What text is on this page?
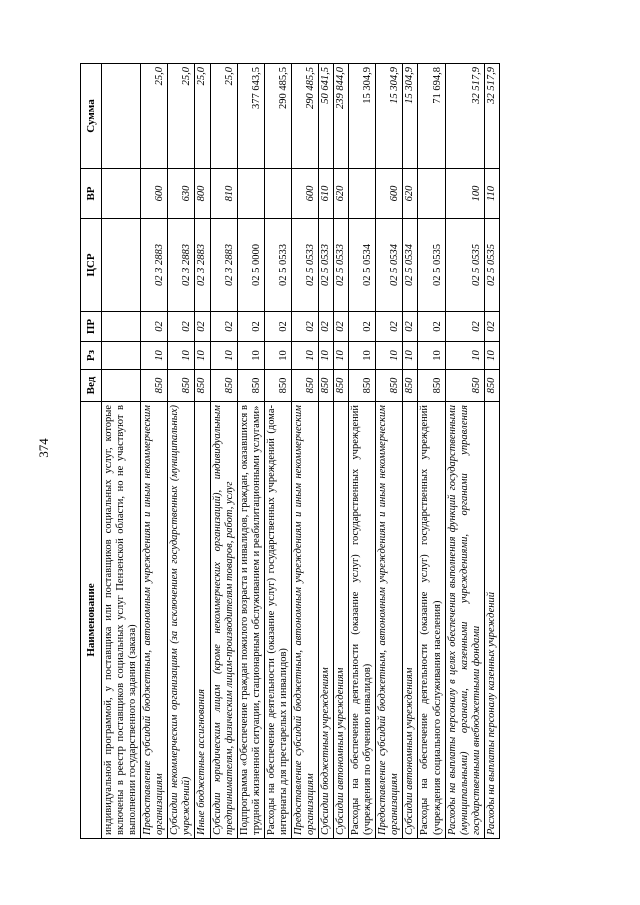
374
Наименование	Вед	Рз	ПР	ЦСР	ВР	Сумма
индивидуальной программой, у поставщика или поставщиков социальных услуг, которые включены в реестр поставщиков социальных услуг Пензенской области, но не участвуют в выполнении государственного задания (заказа)						
Предоставление субсидий бюджетным, автономным учреждениям и иным некоммерческим организациям	850	10	02	02 3 2883	600	25,0
Субсидии некоммерческим организациям (за исключением государственных (муниципальных) учреждений)	850	10	02	02 3 2883	630	25,0
Иные бюджетные ассигнования	850	10	02	02 3 2883	800	25,0
Субсидии юридическим лицам (кроме некоммерческих организаций), индивидуальным предпринимателям, физическим лицам-производителям товаров, работ, услуг	850	10	02	02 3 2883	810	25,0
Подпрограмма «Обеспечение граждан пожилого возраста и инвалидов, граждан, оказавшихся в трудной жизненной ситуации, стационарным обслуживанием и реабилитационными услугами»	850	10	02	02 5 0000		377 643,5
Расходы на обеспечение деятельности (оказание услуг) государственных учреждений (дома-интернаты для престарелых и инвалидов)	850	10	02	02 5 0533		290 485,5
Предоставление субсидий бюджетным, автономным учреждениям и иным некоммерческим организациям	850	10	02	02 5 0533	600	290 485,5
Субсидии бюджетным учреждениям	850	10	02	02 5 0533	610	50 641,5
Субсидии автономным учреждениям	850	10	02	02 5 0533	620	239 844,0
Расходы на обеспечение деятельности (оказание услуг) государственных учреждений (учреждения по обучению инвалидов)	850	10	02	02 5 0534		15 304,9
Предоставление субсидий бюджетным, автономным учреждениям и иным некоммерческим организациям	850	10	02	02 5 0534	600	15 304,9
Субсидии автономным учреждениям	850	10	02	02 5 0534	620	15 304,9
Расходы на обеспечение деятельности (оказание услуг) государственных учреждений (учреждения социального обслуживания населения)	850	10	02	02 5 0535		71 694,8
Расходы на выплаты персоналу в целях обеспечения выполнения функций государственными (муниципальными) органами, казенными учреждениями, органами управления государственными внебюджетными фондами	850	10	02	02 5 0535	100	32 517,9
Расходы на выплаты персоналу казенных учреждений	850	10	02	02 5 0535	110	32 517,9
